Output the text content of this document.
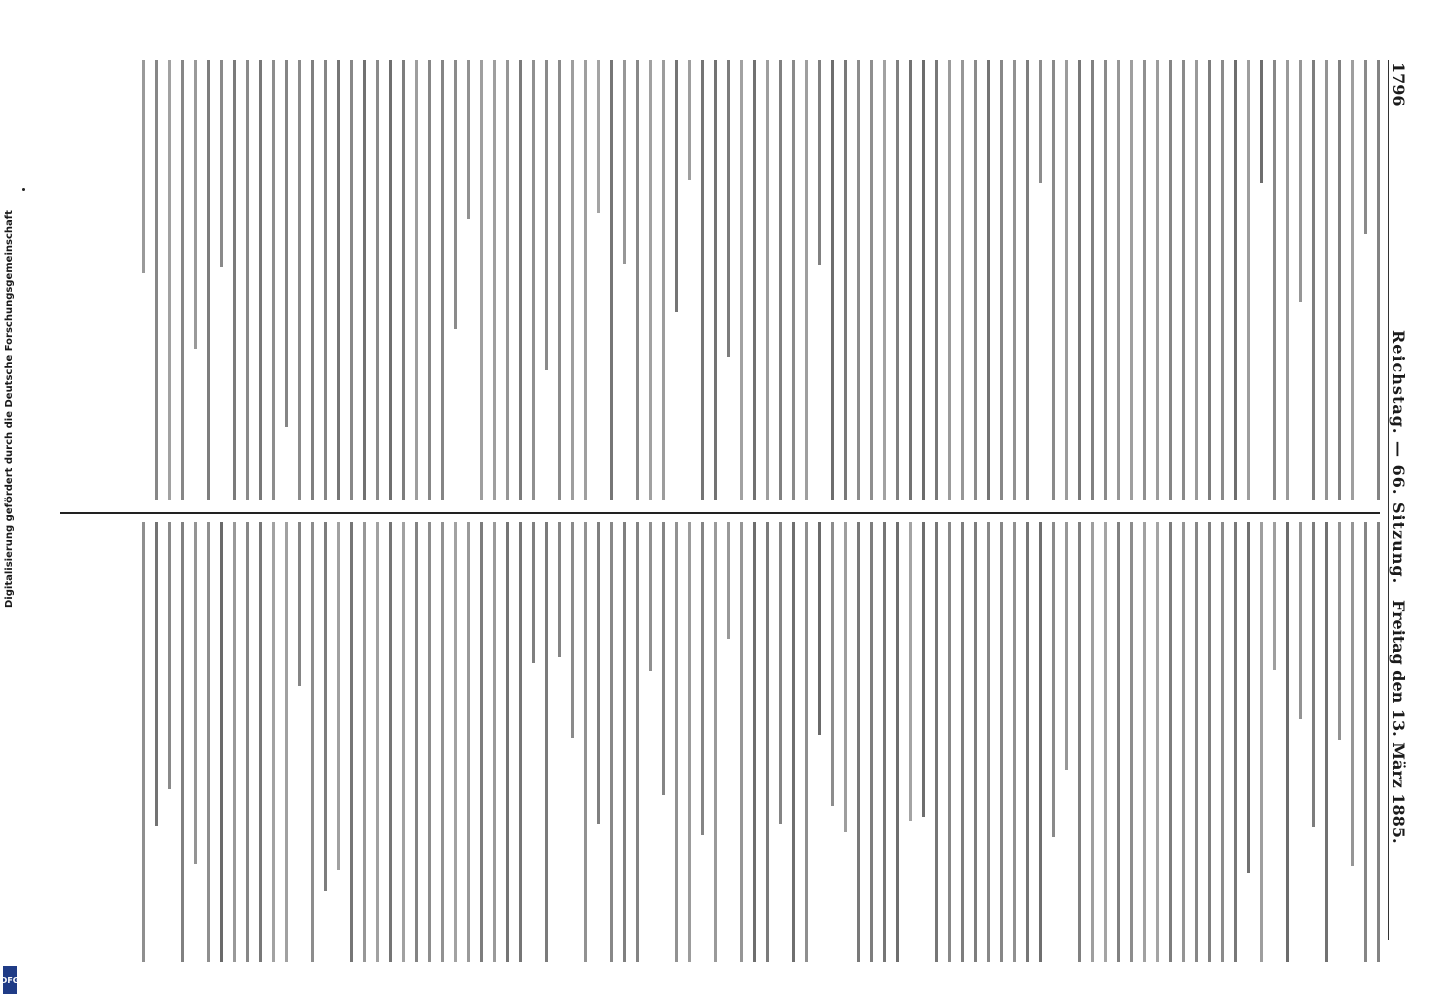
1796
Reichstag. — 66. Sitzung.
Freitag den 13. März 1885.
Digitalisierung gefördert durch die Deutsche Forschungsgemeinschaft
DFG
